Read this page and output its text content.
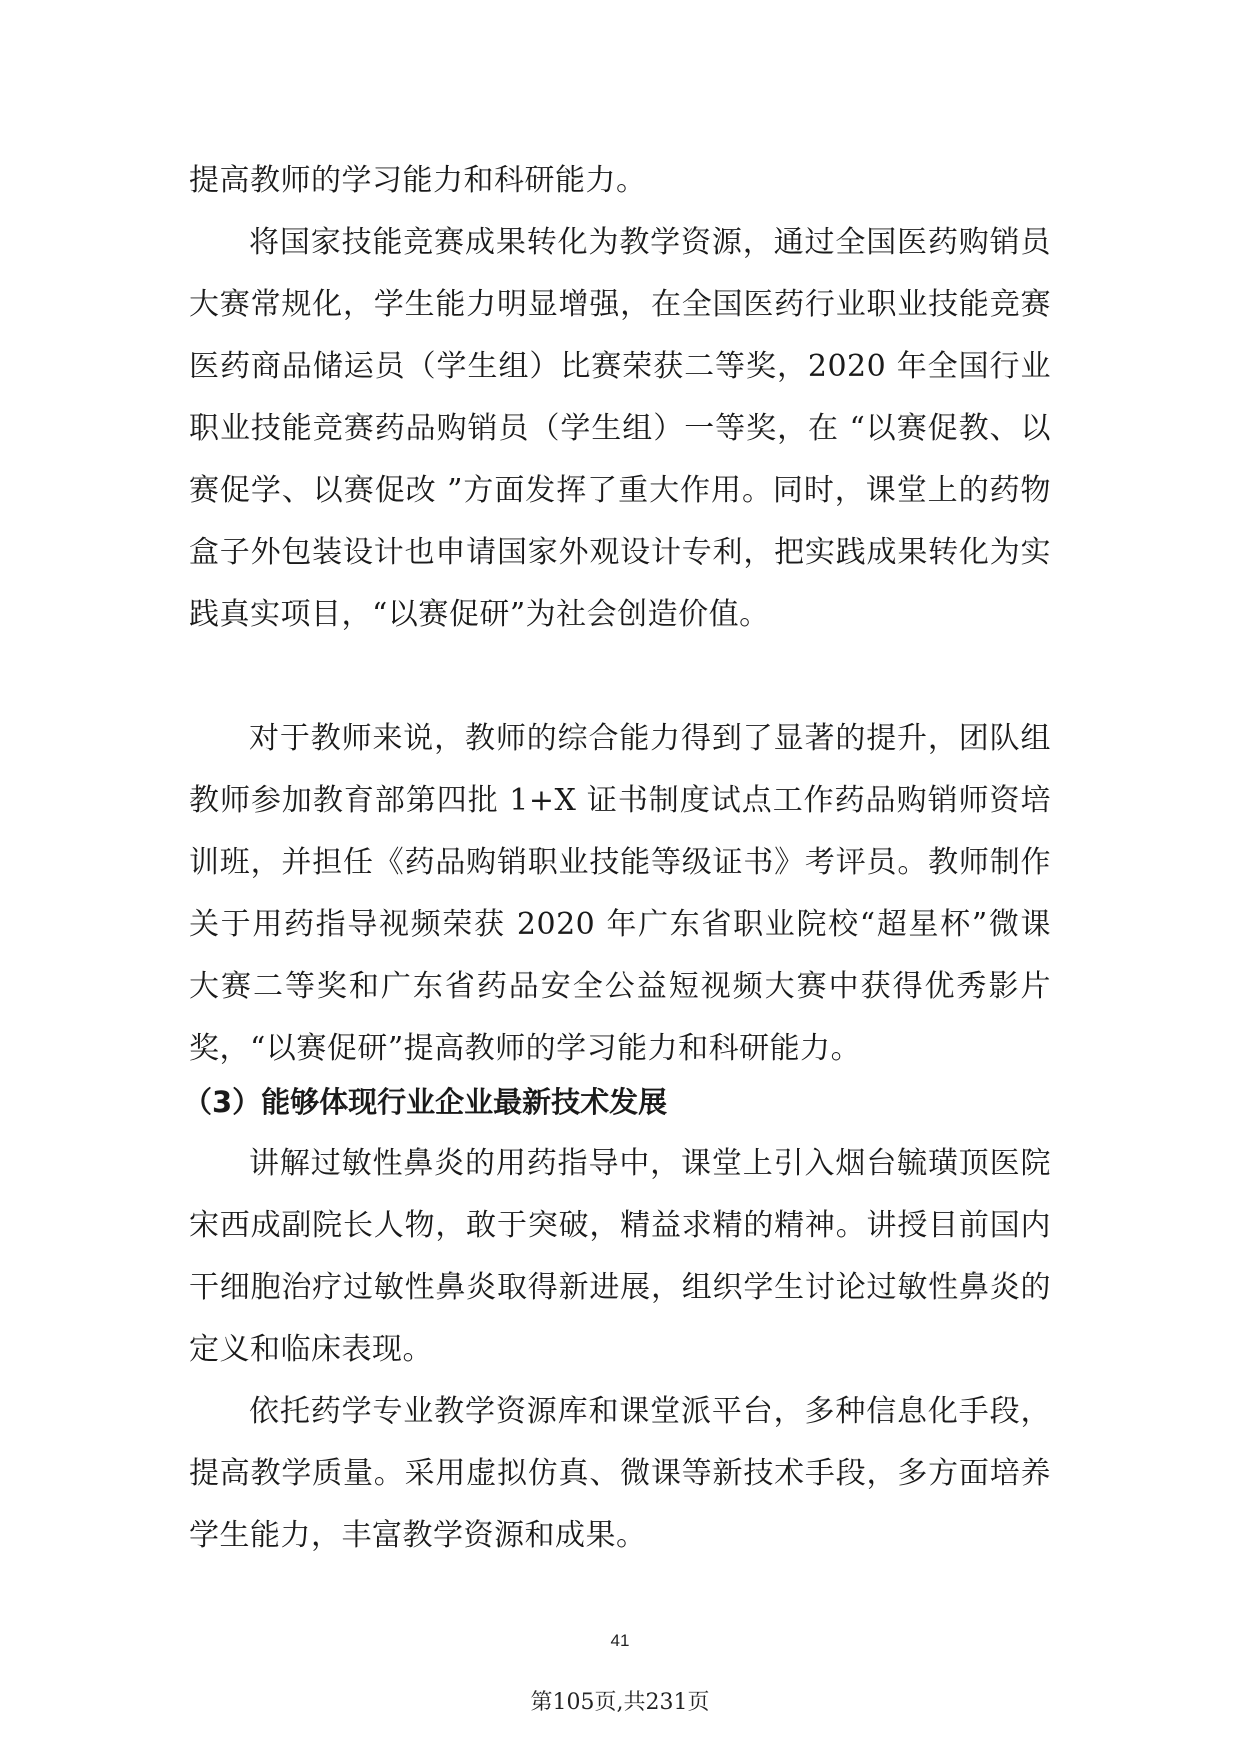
提高教师的学习能力和科研能力。

将国家技能竞赛成果转化为教学资源，通过全国医药购销员大赛常规化，学生能力明显增强，在全国医药行业职业技能竞赛医药商品储运员（学生组）比赛荣获二等奖，2020 年全国行业职业技能竞赛药品购销员（学生组）一等奖，在 “以赛促教、以赛促学、以赛促改 ”方面发挥了重大作用。同时，课堂上的药物盒子外包装设计也申请国家外观设计专利，把实践成果转化为实践真实项目，“以赛促研”为社会创造价值。

对于教师来说，教师的综合能力得到了显著的提升，团队组教师参加教育部第四批 1+X 证书制度试点工作药品购销师资培训班，并担任《药品购销职业技能等级证书》考评员。教师制作关于用药指导视频荣获 2020 年广东省职业院校“超星杯”微课大赛二等奖和广东省药品安全公益短视频大赛中获得优秀影片奖，“以赛促研”提高教师的学习能力和科研能力。

（3）能够体现行业企业最新技术发展

讲解过敏性鼻炎的用药指导中，课堂上引入烟台毓璜顶医院宋西成副院长人物，敢于突破，精益求精的精神。讲授目前国内干细胞治疗过敏性鼻炎取得新进展，组织学生讨论过敏性鼻炎的定义和临床表现。

依托药学专业教学资源库和课堂派平台，多种信息化手段，提高教学质量。采用虚拟仿真、微课等新技术手段，多方面培养学生能力，丰富教学资源和成果。

41
第105页,共231页
